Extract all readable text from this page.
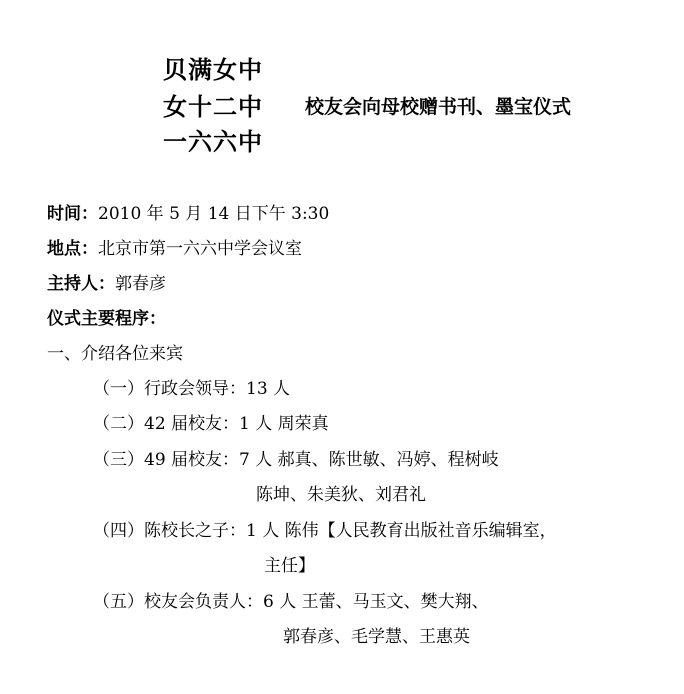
贝满女中
女十二中 校友会向母校赠书刊、墨宝仪式
一六六中
时间：2010 年 5 月 14 日下午 3:30
地点：北京市第一六六中学会议室
主持人：郭春彦
仪式主要程序：
一、介绍各位来宾
（一）行政会领导：13 人
（二）42 届校友：1 人 周荣真
（三）49 届校友：7 人 郝真、陈世敏、冯婷、程树岐
陈坤、朱美狄、刘君礼
（四）陈校长之子：1 人 陈伟【人民教育出版社音乐编辑室，
主任】
（五）校友会负责人：6 人 王蕾、马玉文、樊大翔、
郭春彦、毛学慧、王惠英
